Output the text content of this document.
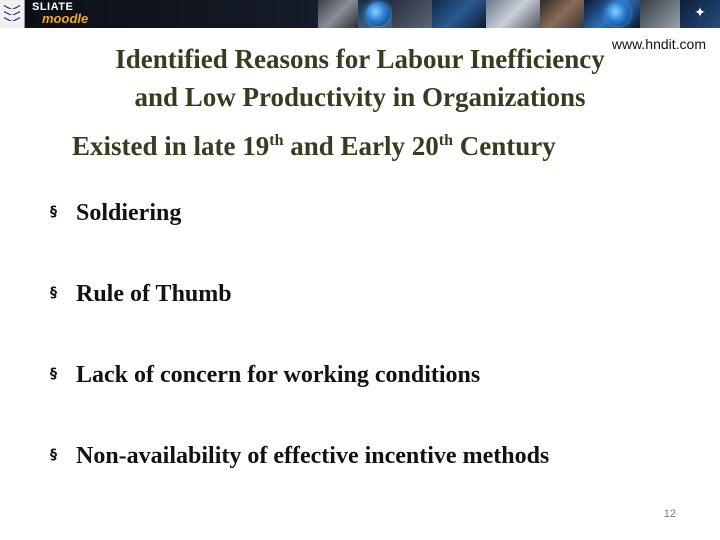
SLIATE
moodle	✦
www.hndit.com
Identified Reasons for Labour Inefficiency
and Low Productivity in Organizations
Existed in late 19th and Early 20th Century
§ Soldiering
§ Rule of Thumb
§ Lack of concern for working conditions
§ Non-availability of effective incentive methods
12
